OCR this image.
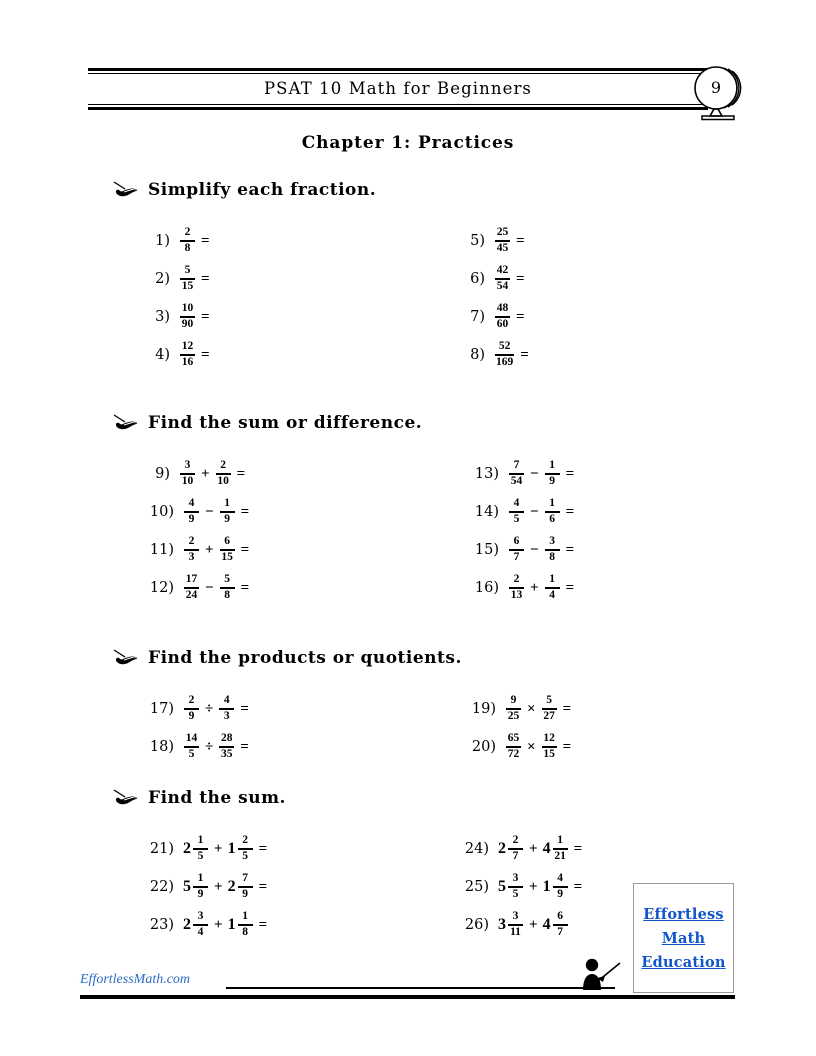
PSAT 10 Math for Beginners	9
Chapter 1: Practices
Simplify each fraction.
$1) \frac{2}{8}$ =
$2) \frac{5}{15}$ =
$3) \frac{10}{90}$ =
$4) \frac{12}{16}$ =
$5) \frac{25}{45}$ =
$6) \frac{42}{54}$ =
$7) \frac{48}{60}$ =
$8) \frac{52}{169}$ =
Find the sum or difference.
$9) \frac{3}{10} + \frac{2}{10}$ =
$10) \frac{4}{9} - \frac{1}{9}$ =
$11) \frac{2}{3} + \frac{6}{15}$ =
$12) \frac{17}{24} - \frac{5}{8}$ =
$13) \frac{7}{54} - \frac{1}{9}$ =
$14) \frac{4}{5} - \frac{1}{6}$ =
$15) \frac{6}{7} - \frac{3}{8}$ =
$16) \frac{2}{13} + \frac{1}{4}$ =
Find the products or quotients.
$17) \frac{2}{9} \div \frac{4}{3}$ =
$18) \frac{14}{5} \div \frac{28}{35}$ =
$19) \frac{9}{25} \times \frac{5}{27}$ =
$20) \frac{65}{72} \times \frac{12}{15}$ =
Find the sum.
21) $2 \frac{1}{5} + 1 \frac{2}{5}$ =
22) $5 \frac{1}{9} + 2 \frac{7}{9}$ =
23) $2 \frac{3}{4} + 1 \frac{1}{8}$ =
24) $2 \frac{2}{7} + 4 \frac{1}{21}$ =
25) $5 \frac{3}{5} + 1 \frac{4}{9}$ =
26) $3 \frac{3}{11} + 4 \frac{6}{7}$
EffortlessMath.com
Effortless
Math
Education
